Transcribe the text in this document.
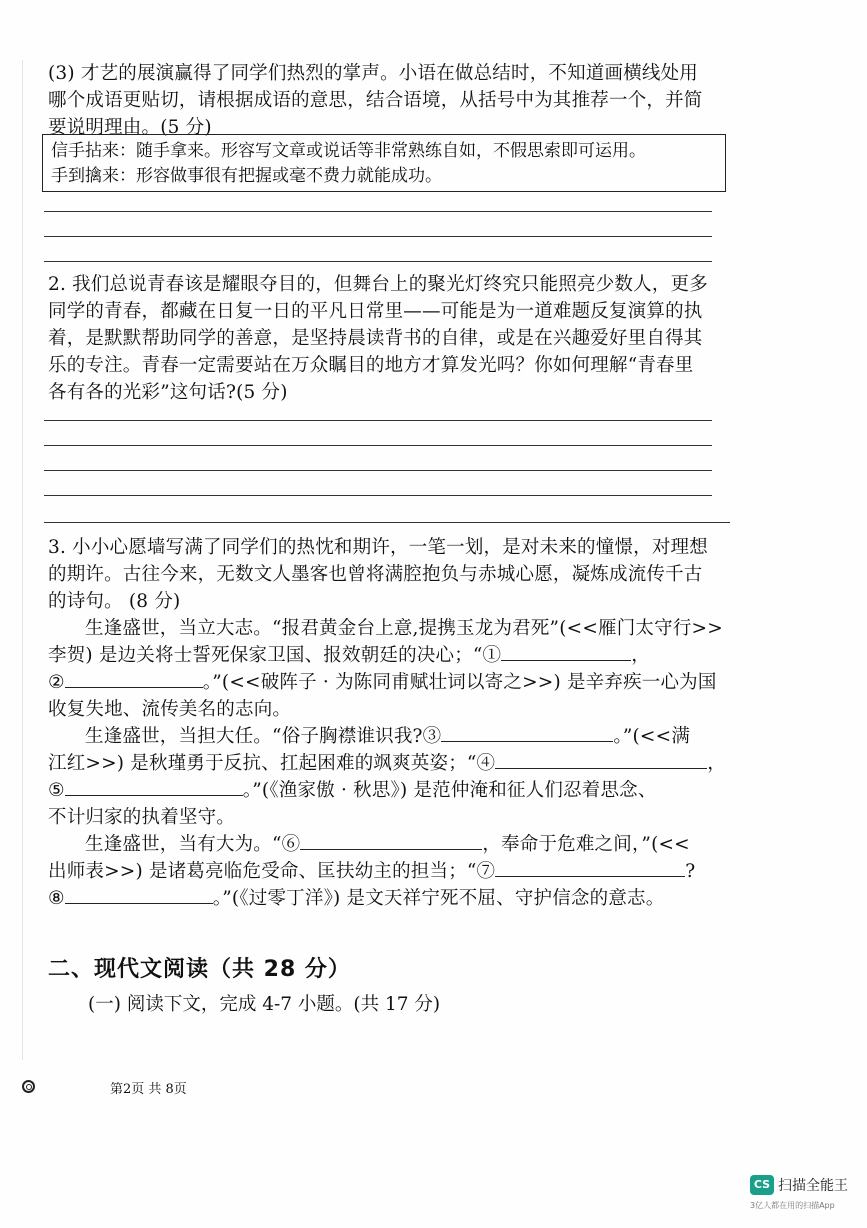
(3) 才艺的展演赢得了同学们热烈的掌声。小语在做总结时，不知道画横线处用

哪个成语更贴切，请根据成语的意思，结合语境，从括号中为其推荐一个，并简

要说明理由。(5 分)

信手拈来：随手拿来。形容写文章或说话等非常熟练自如，不假思索即可运用。
手到擒来：形容做事很有把握或毫不费力就能成功。

2. 我们总说青春该是耀眼夺目的，但舞台上的聚光灯终究只能照亮少数人，更多

同学的青春，都藏在日复一日的平凡日常里——可能是为一道难题反复演算的执

着，是默默帮助同学的善意，是坚持晨读背书的自律，或是在兴趣爱好里自得其

乐的专注。青春一定需要站在万众瞩目的地方才算发光吗？你如何理解“青春里

各有各的光彩”这句话?(5 分)

3. 小小心愿墙写满了同学们的热忱和期许，一笔一划，是对未来的憧憬，对理想

的期许。古往今来，无数文人墨客也曾将满腔抱负与赤城心愿，凝炼成流传千古

的诗句。 (8 分)

生逢盛世，当立大志。“报君黄金台上意,提携玉龙为君死”(<<雁门太守行>>

李贺) 是边关将士誓死保家卫国、报效朝廷的决心；“①	，

②	。”(<<破阵子 · 为陈同甫赋壮词以寄之>>) 是辛弃疾一心为国

收复失地、流传美名的志向。

生逢盛世，当担大任。“俗子胸襟谁识我?③	。”(<<满

江红>>) 是秋瑾勇于反抗、扛起困难的飒爽英姿；“④	，

⑤	。”(《渔家傲 · 秋思》) 是范仲淹和征人们忍着思念、

不计归家的执着坚守。

生逢盛世，当有大为。“⑥	，奉命于危难之间，”(<<

出师表>>) 是诸葛亮临危受命、匡扶幼主的担当；“⑦	?

⑧	。”(《过零丁洋》) 是文天祥宁死不屈、守护信念的意志。

二、现代文阅读（共 28 分）
(一) 阅读下文，完成 4-7 小题。(共 17 分)
第2页 共 8页
CS 扫描全能王
3亿人都在用的扫描App
